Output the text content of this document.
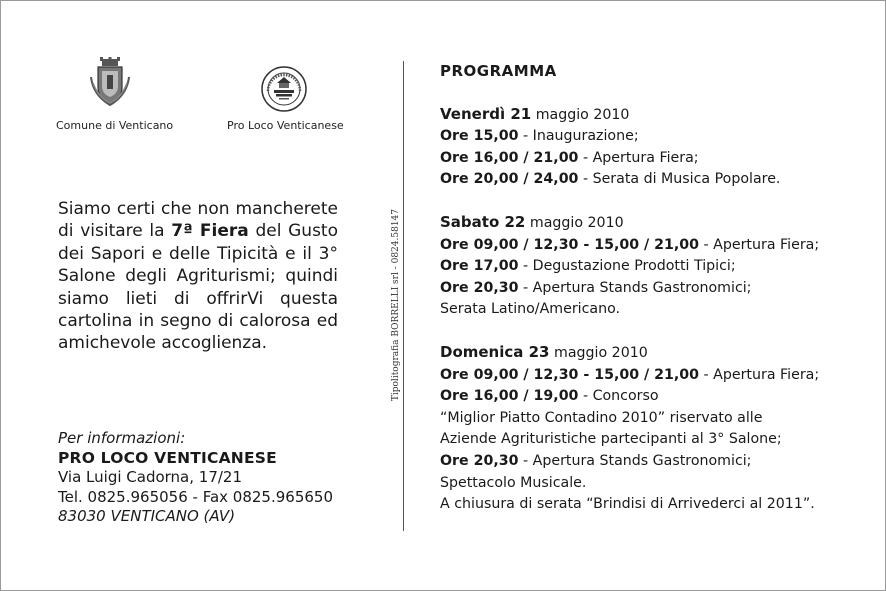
Comune di Venticano	Pro Loco Venticanese
Siamo certi che non mancherete di visitare la 7ª Fiera del Gusto dei Sapori e delle Tipicità e il 3° Salone degli Agriturismi; quindi siamo lieti di offrirVi questa cartolina in segno di calorosa ed amichevole accoglienza.
Per informazioni:
PRO LOCO VENTICANESE
Via Luigi Cadorna, 17/21
Tel. 0825.965056 - Fax 0825.965650
83030 VENTICANO (AV)
Tipolitografia BORRELLI srl - 0824.58147
PROGRAMMA
Venerdì 21 maggio 2010
Ore 15,00 - Inaugurazione;
Ore 16,00 / 21,00 - Apertura Fiera;
Ore 20,00 / 24,00 - Serata di Musica Popolare.
Sabato 22 maggio 2010
Ore 09,00 / 12,30 - 15,00 / 21,00 - Apertura Fiera;
Ore 17,00 - Degustazione Prodotti Tipici;
Ore 20,30 - Apertura Stands Gastronomici;
Serata Latino/Americano.
Domenica 23 maggio 2010
Ore 09,00 / 12,30 - 15,00 / 21,00 - Apertura Fiera;
Ore 16,00 / 19,00 - Concorso
“Miglior Piatto Contadino 2010” riservato alle
Aziende Agrituristiche partecipanti al 3° Salone;
Ore 20,30 - Apertura Stands Gastronomici;
Spettacolo Musicale.
A chiusura di serata “Brindisi di Arrivederci al 2011”.
